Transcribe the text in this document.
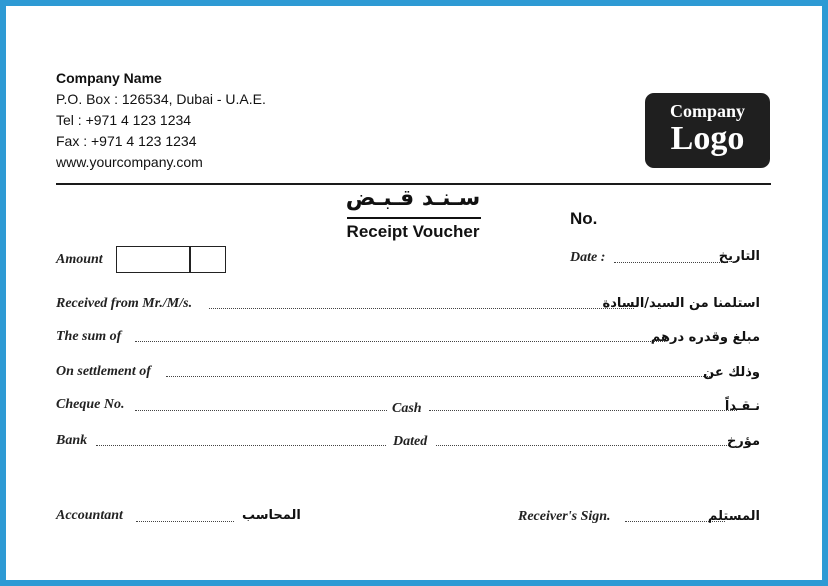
Company Name
P.O. Box : 126534, Dubai - U.A.E.
Tel : +971 4 123 1234
Fax : +971 4 123 1234
www.yourcompany.com
Company
Logo
سـنـد قـبـض
Receipt Voucher
No.
Amount	Date :	التاريخ
Received from Mr./M/s.	استلمنا من السيد/السادة
The sum of	مبلغ وقدره درهم
On settlement of	وذلك عن
Cheque No.	Cash	نـقـداً
Bank	Dated	مؤرخ
Accountant	المحاسب	Receiver's Sign.	المستلم
